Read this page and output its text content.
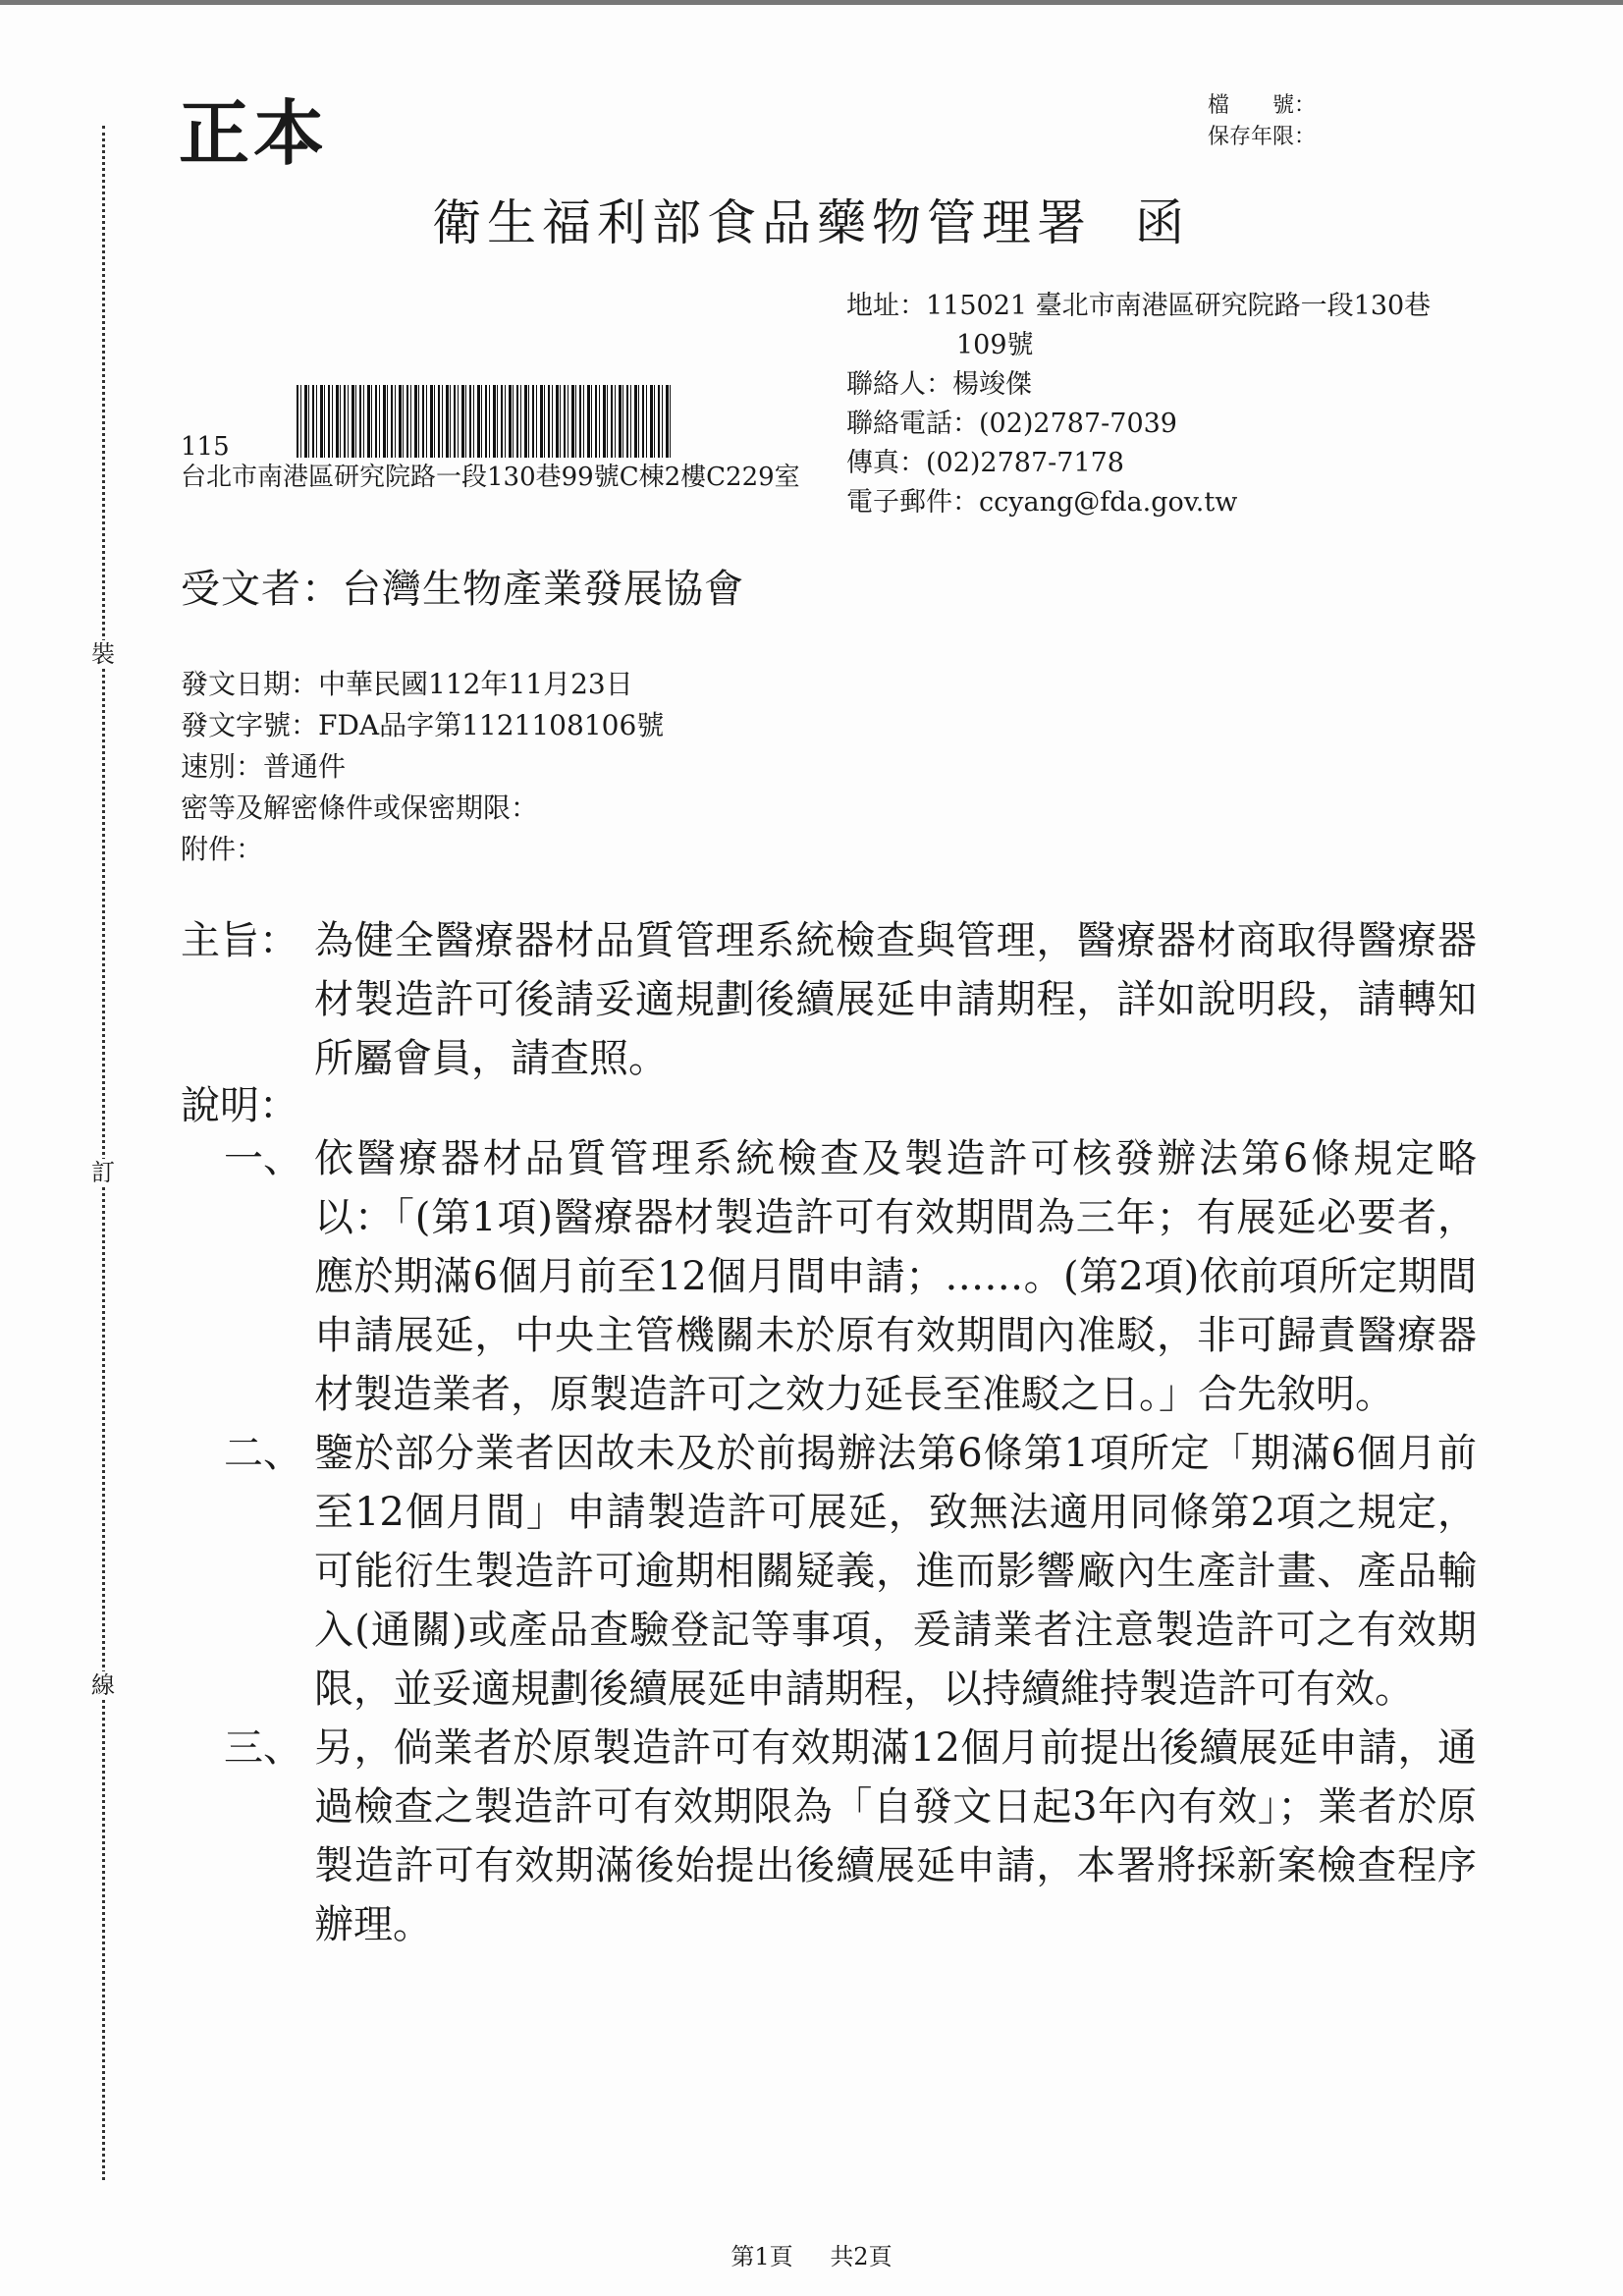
裝
訂
線
正本	檔　　號：
保存年限：
衛生福利部食品藥物管理署 函
地址：115021 臺北市南港區研究院路一段130巷
109號
聯絡人：楊竣傑
聯絡電話：(02)2787-7039
傳真：(02)2787-7178
電子郵件：ccyang@fda.gov.tw
115
台北市南港區研究院路一段130巷99號C棟2樓C229室
受文者：台灣生物產業發展協會
發文日期：中華民國112年11月23日
發文字號：FDA品字第1121108106號
速別：普通件
密等及解密條件或保密期限：
附件：
主旨： 為健全醫療器材品質管理系統檢查與管理，醫療器材商取得醫療器材製造許可後請妥適規劃後續展延申請期程，詳如說明段，請轉知所屬會員，請查照。
說明：
一、 依醫療器材品質管理系統檢查及製造許可核發辦法第6條規定略以：「(第1項)醫療器材製造許可有效期間為三年；有展延必要者，應於期滿6個月前至12個月間申請；……。(第2項)依前項所定期間申請展延，中央主管機關未於原有效期間內准駁，非可歸責醫療器材製造業者，原製造許可之效力延長至准駁之日。」合先敘明。
二、 鑒於部分業者因故未及於前揭辦法第6條第1項所定「期滿6個月前至12個月間」申請製造許可展延，致無法適用同條第2項之規定，可能衍生製造許可逾期相關疑義，進而影響廠內生產計畫、產品輸入(通關)或產品查驗登記等事項，爰請業者注意製造許可之有效期限，並妥適規劃後續展延申請期程，以持續維持製造許可有效。
三、 另，倘業者於原製造許可有效期滿12個月前提出後續展延申請，通過檢查之製造許可有效期限為「自發文日起3年內有效」；業者於原製造許可有效期滿後始提出後續展延申請，本署將採新案檢查程序辦理。
第1頁 共2頁
